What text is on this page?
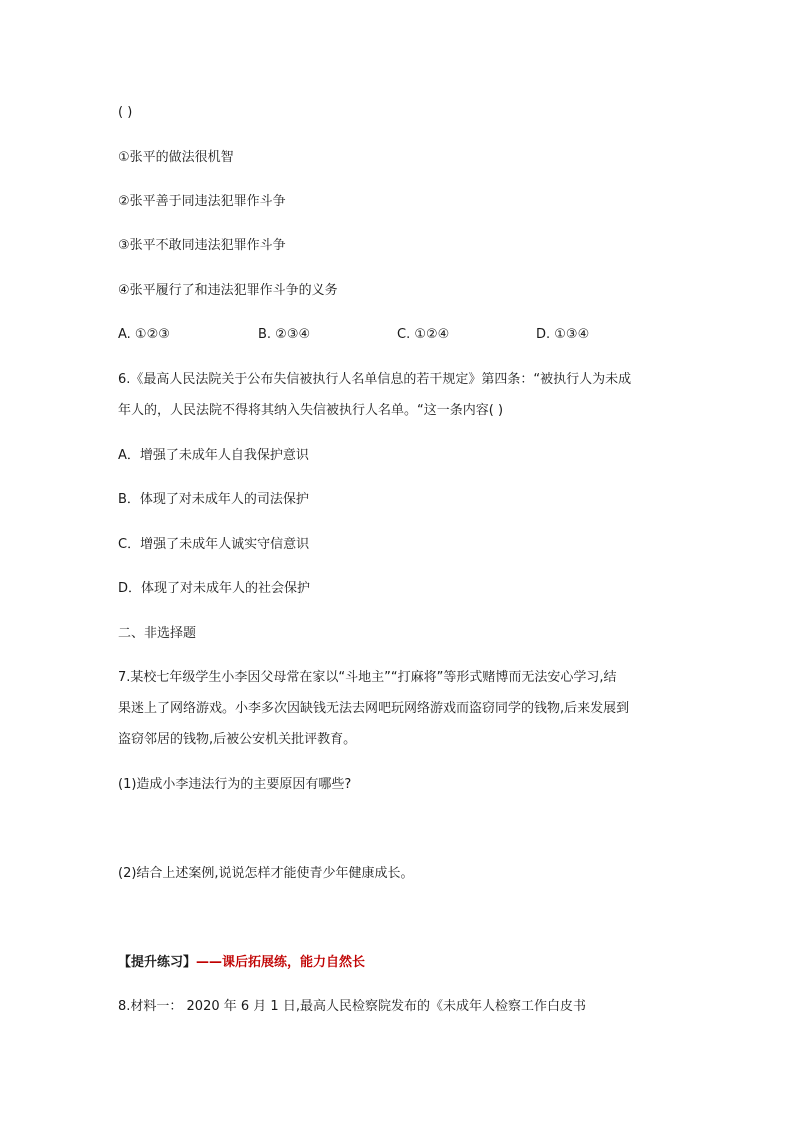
( )
①张平的做法很机智
②张平善于同违法犯罪作斗争
③张平不敢同违法犯罪作斗争
④张平履行了和违法犯罪作斗争的义务
A. ①②③	B. ②③④	C. ①②④	D. ①③④
6.《最高人民法院关于公布失信被执行人名单信息的若干规定》第四条：“被执行人为未成
年人的，人民法院不得将其纳入失信被执行人名单。“这一条内容( )
A．增强了未成年人自我保护意识
B．体现了对未成年人的司法保护
C．增强了未成年人诚实守信意识
D．体现了对未成年人的社会保护
二、非选择题
7.某校七年级学生小李因父母常在家以“斗地主”“打麻将”等形式赌博而无法安心学习,结
果迷上了网络游戏。小李多次因缺钱无法去网吧玩网络游戏而盗窃同学的钱物,后来发展到
盗窃邻居的钱物,后被公安机关批评教育。
(1)造成小李违法行为的主要原因有哪些?
(2)结合上述案例,说说怎样才能使青少年健康成长。
【提升练习】——课后拓展练，能力自然长
8.材料一： 2020 年 6 月 1 日,最高人民检察院发布的《未成年人检察工作白皮书
